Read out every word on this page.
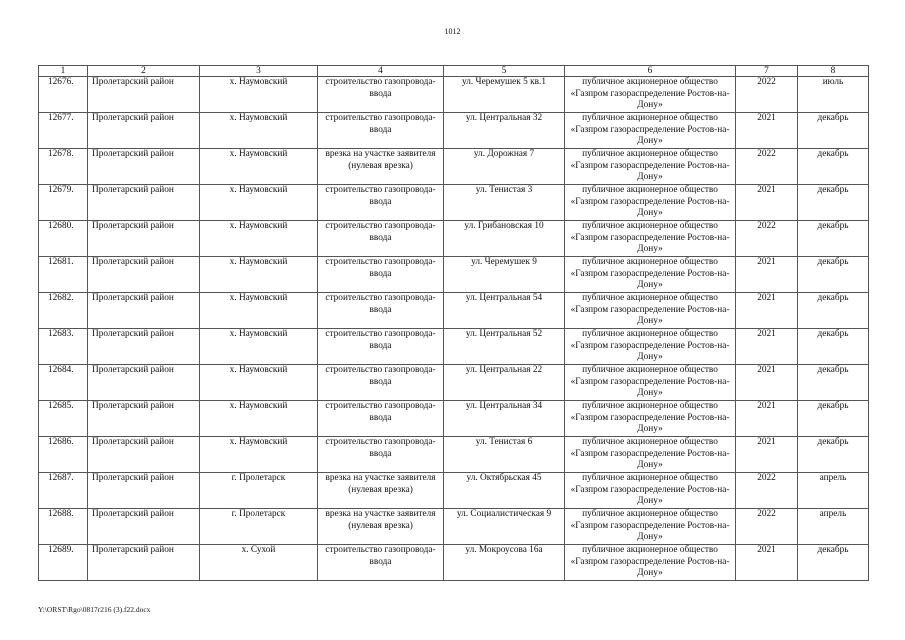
1012
1	2	3	4	5	6	7	8
12676.	Пролетарский район	х. Наумовский	строительство газопровода-ввода	ул. Черемушек 5 кв.1	публичное акционерное общество «Газпром газораспределение Ростов-на-Дону»	2022	июль
12677.	Пролетарский район	х. Наумовский	строительство газопровода-ввода	ул. Центральная 32	публичное акционерное общество «Газпром газораспределение Ростов-на-Дону»	2021	декабрь
12678.	Пролетарский район	х. Наумовский	врезка на участке заявителя (нулевая врезка)	ул. Дорожная 7	публичное акционерное общество «Газпром газораспределение Ростов-на-Дону»	2022	декабрь
12679.	Пролетарский район	х. Наумовский	строительство газопровода-ввода	ул. Тенистая 3	публичное акционерное общество «Газпром газораспределение Ростов-на-Дону»	2021	декабрь
12680.	Пролетарский район	х. Наумовский	строительство газопровода-ввода	ул. Грибановская 10	публичное акционерное общество «Газпром газораспределение Ростов-на-Дону»	2022	декабрь
12681.	Пролетарский район	х. Наумовский	строительство газопровода-ввода	ул. Черемушек 9	публичное акционерное общество «Газпром газораспределение Ростов-на-Дону»	2021	декабрь
12682.	Пролетарский район	х. Наумовский	строительство газопровода-ввода	ул. Центральная 54	публичное акционерное общество «Газпром газораспределение Ростов-на-Дону»	2021	декабрь
12683.	Пролетарский район	х. Наумовский	строительство газопровода-ввода	ул. Центральная 52	публичное акционерное общество «Газпром газораспределение Ростов-на-Дону»	2021	декабрь
12684.	Пролетарский район	х. Наумовский	строительство газопровода-ввода	ул. Центральная 22	публичное акционерное общество «Газпром газораспределение Ростов-на-Дону»	2021	декабрь
12685.	Пролетарский район	х. Наумовский	строительство газопровода-ввода	ул. Центральная 34	публичное акционерное общество «Газпром газораспределение Ростов-на-Дону»	2021	декабрь
12686.	Пролетарский район	х. Наумовский	строительство газопровода-ввода	ул. Тенистая 6	публичное акционерное общество «Газпром газораспределение Ростов-на-Дону»	2021	декабрь
12687.	Пролетарский район	г. Пролетарск	врезка на участке заявителя (нулевая врезка)	ул. Октябрьская 45	публичное акционерное общество «Газпром газораспределение Ростов-на-Дону»	2022	апрель
12688.	Пролетарский район	г. Пролетарск	врезка на участке заявителя (нулевая врезка)	ул. Социалистическая 9	публичное акционерное общество «Газпром газораспределение Ростов-на-Дону»	2022	апрель
12689.	Пролетарский район	х. Сухой	строительство газопровода-ввода	ул. Мокроусова 16а	публичное акционерное общество «Газпром газораспределение Ростов-на-Дону»	2021	декабрь
Y:\ORST\Rgo\0817r216 (3).f22.docx
